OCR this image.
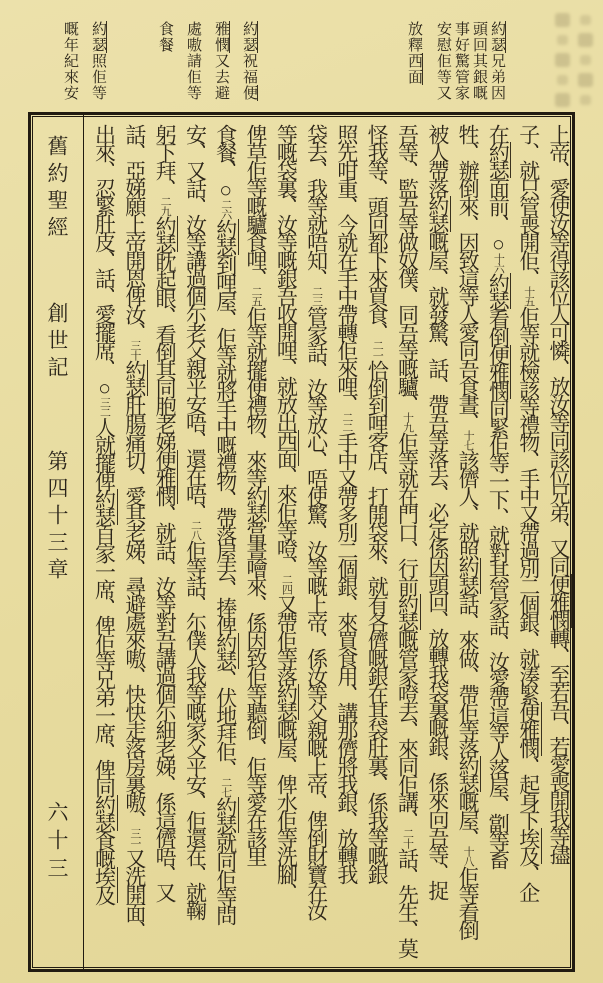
約瑟兄弟因
頭回其銀嘅
事好驚管家
安慰佢等又
放釋西面
約瑟祝福便
雅憫又去避
處嗷請佢等
食餐
約瑟照佢等
嘅年紀來安
舊約聖經
創世記
第四十三章
六十三
上帝、愛使汝等得該位人可憐、放汝等同該位兄弟、又同便雅憫轉、至若吾、若愛喪開我等孻
子、就只管喪開佢、十五佢等就檢該等禮物、手中又帶過別二個銀、就湊緊便雅憫、起身下埃及、企
在約瑟面前、○十六約瑟看倒便雅憫同緊佢等一下、就對其管家話、汝愛帶這等人落屋、劏等畜
牲、辦倒來、因致這等人愛同吾食晝、十七該儕人、就照約瑟話、來做、帶佢等落約瑟嘅屋、十八佢等看倒
被人帶落約瑟嘅屋、就發驚、話、帶吾等落去、必定係因頭回、放轉我袋裏嘅銀、係來向吾等、捉
吾等、監吾等做奴僕、同吾等嘅驢、十九佢等就在門口、行前約瑟嘅管家噔去、來同佢講、二十話、先生、莫
怪我等、頭回都下來買食、二一恰倒到哩客店、打開袋來、就有各儕嘅銀在其袋肚裏、係我等嘅銀
照先咁重、今就在手中帶轉佢來哩、二二手中又帶多別二個銀、來買食用、講那儕將我銀、放轉我
袋去、我等就唔知、二三管家話、汝等放心、唔使驚、汝等嘅上帝、係汝等父親嘅上帝、俾倒財寶在汝
等嘅袋裏、汝等嘅銀吾收開哩、就放出西面、來佢等噔、二四又帶佢等落約瑟嘅屋、俾水佢等洗腳、
俾草佢等嘅驢食哩、二五佢等就擺便禮物、來等約瑟當晝噲來、係因致佢等聽倒、佢等愛在該里
食餐、○二六約瑟到哩屋、佢等就將手中嘅禮物、帶落屋去、捧俾約瑟、伏地拜佢、二七約瑟就同佢等問
安、又話、汝等講過個尓老父親平安唔、還在唔、二八佢等話、尓僕人我等嘅家父平安、佢還在、就鞠
躬下拜、二九約瑟眈起眼、看倒其同胞老娣便雅憫、就話、汝等對吾講過個尓細老娣、係這儕唔、又
話、亞娣願上帝開恩俾汝、三十約瑟肚腸痛切、愛其老娣、尋避處來嗷、快快走落房裏嗷、三一又洗開面、
出來、忍緊肚皮、話、愛擺席、○三二人就擺俾約瑟自家一席、俾佢等兄弟一席、俾同約瑟食嘅埃及
